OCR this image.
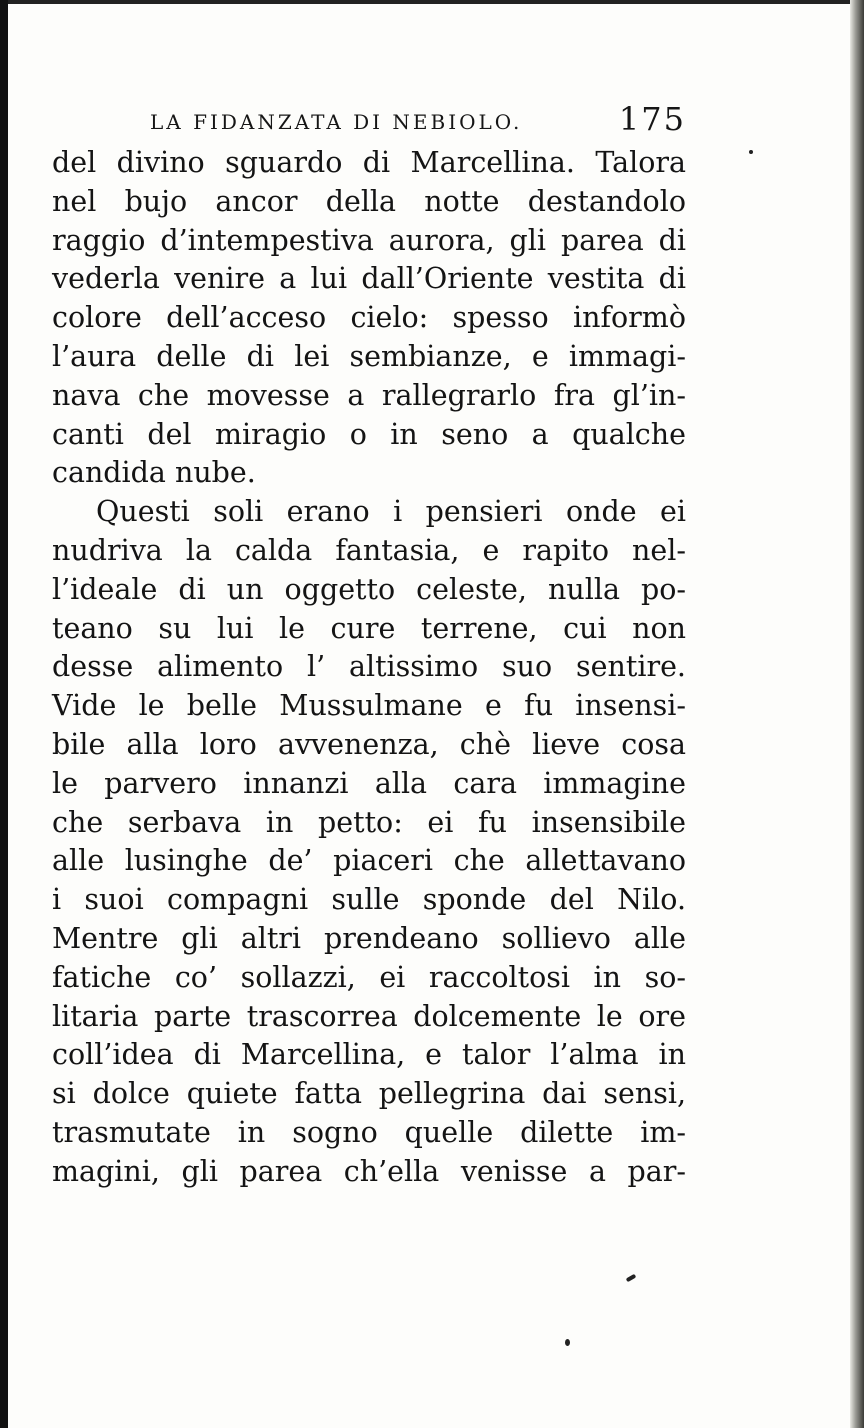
LA FIDANZATA DI NEBIOLO.	175
del divino sguardo di Marcellina. Talora
nel bujo ancor della notte destandolo
raggio d’intempestiva aurora, gli parea di
vederla venire a lui dall’Oriente vestita di
colore dell’acceso cielo: spesso informò
l’aura delle di lei sembianze, e immagi-
nava che movesse a rallegrarlo fra gl’in-
canti del miragio o in seno a qualche
candida nube.
Questi soli erano i pensieri onde ei
nudriva la calda fantasia, e rapito nel-
l’ideale di un oggetto celeste, nulla po-
teano su lui le cure terrene, cui non
desse alimento l’ altissimo suo sentire.
Vide le belle Mussulmane e fu insensi-
bile alla loro avvenenza, chè lieve cosa
le parvero innanzi alla cara immagine
che serbava in petto: ei fu insensibile
alle lusinghe de’ piaceri che allettavano
i suoi compagni sulle sponde del Nilo.
Mentre gli altri prendeano sollievo alle
fatiche co’ sollazzi, ei raccoltosi in so-
litaria parte trascorrea dolcemente le ore
coll’idea di Marcellina, e talor l’alma in
si dolce quiete fatta pellegrina dai sensi,
trasmutate in sogno quelle dilette im-
magini, gli parea ch’ella venisse a par-
